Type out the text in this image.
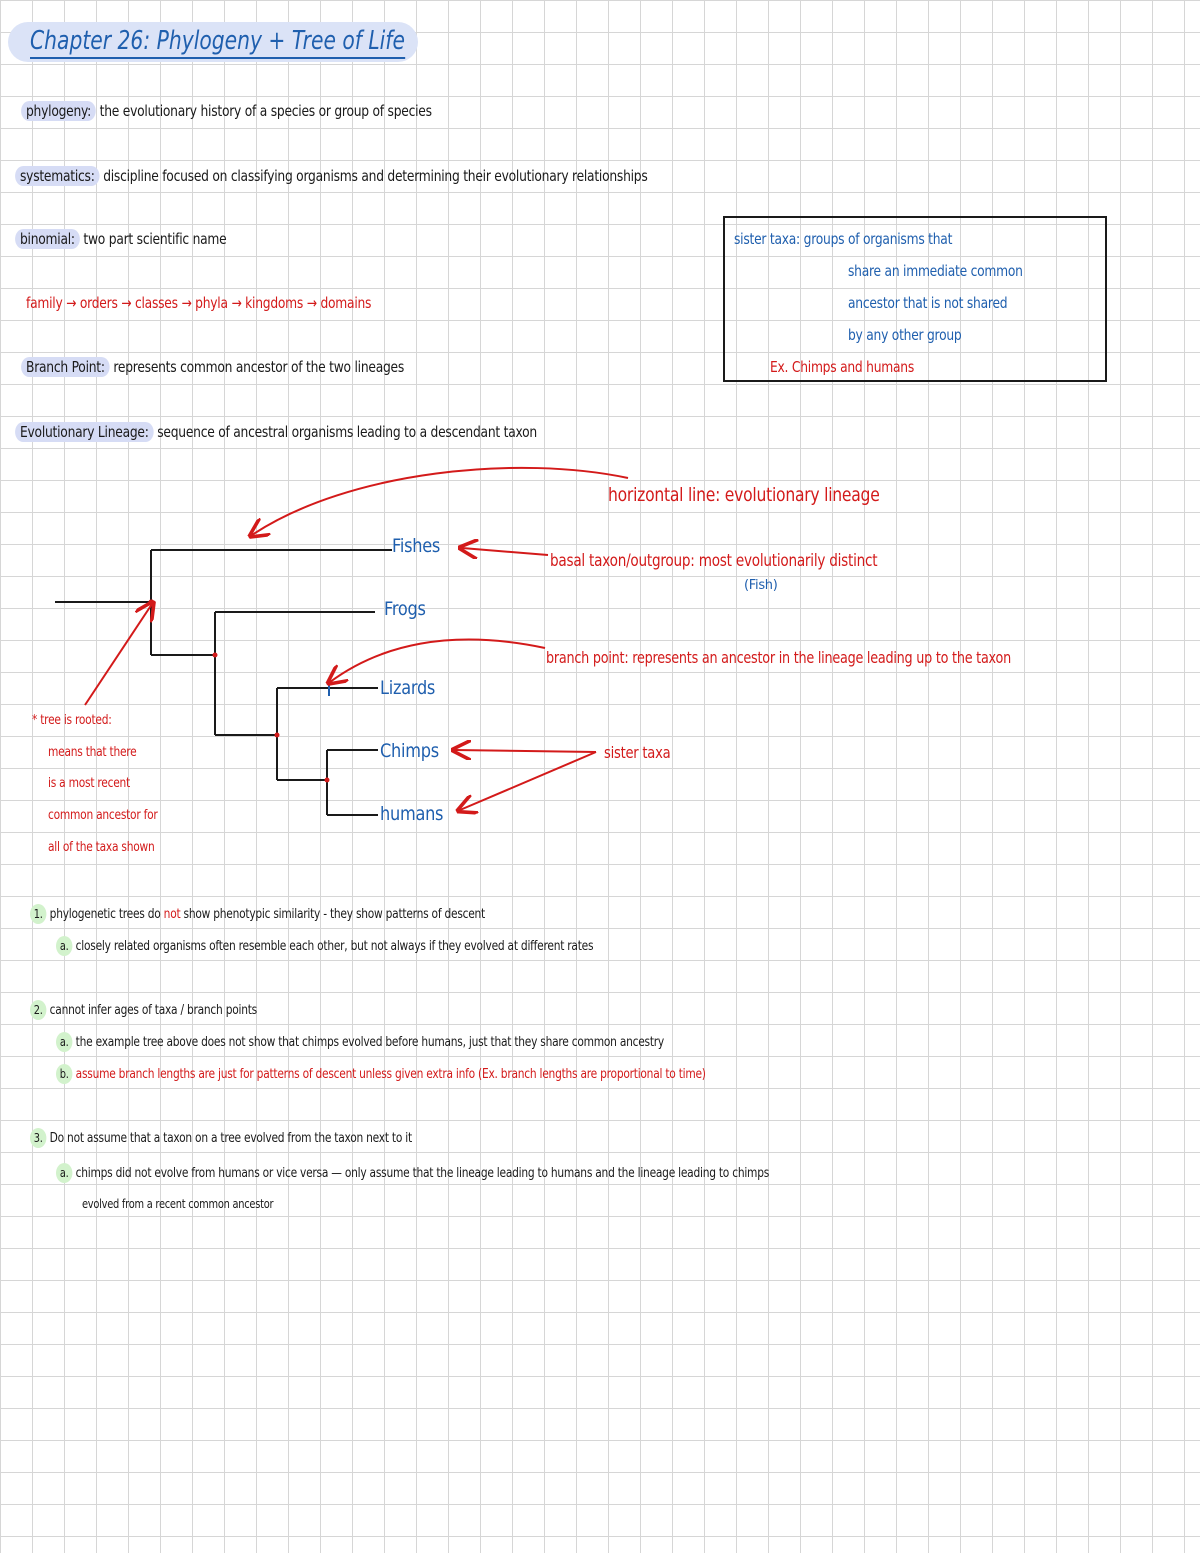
Chapter 26: Phylogeny + Tree of Life
phylogeny: the evolutionary history of a species or group of species
systematics: discipline focused on classifying organisms and determining their evolutionary relationships
binomial: two part scientific name
family → orders → classes → phyla → kingdoms → domains
Branch Point: represents common ancestor of the two lineages
Evolutionary Lineage: sequence of ancestral organisms leading to a descendant taxon
sister taxa: groups of organisms that
share an immediate common
ancestor that is not shared
by any other group
Ex. Chimps and humans
Fishes
Frogs
Lizards
Chimps
humans
horizontal line: evolutionary lineage
basal taxon/outgroup: most evolutionarily distinct
(Fish)
branch point: represents an ancestor in the lineage leading up to the taxon
sister taxa
* tree is rooted:
means that there
is a most recent
common ancestor for
all of the taxa shown
1. phylogenetic trees do not show phenotypic similarity - they show patterns of descent
a. closely related organisms often resemble each other, but not always if they evolved at different rates
2. cannot infer ages of taxa / branch points
a. the example tree above does not show that chimps evolved before humans, just that they share common ancestry
b. assume branch lengths are just for patterns of descent unless given extra info (Ex. branch lengths are proportional to time)
3. Do not assume that a taxon on a tree evolved from the taxon next to it
a. chimps did not evolve from humans or vice versa — only assume that the lineage leading to humans and the lineage leading to chimps
evolved from a recent common ancestor
